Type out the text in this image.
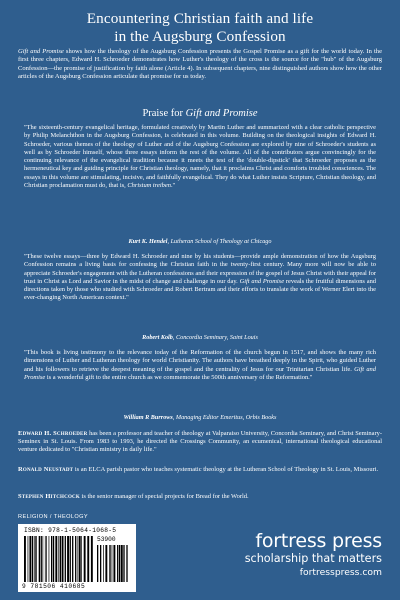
Encountering Christian faith and life
in the Augsburg Confession
Gift and Promise shows how the theology of the Augsburg Confession presents the Gospel Promise as a gift for the world today. In the first three chapters, Edward H. Schroeder demonstrates how Luther's theology of the cross is the source for the "hub" of the Augsburg Confession—the promise of justification by faith alone (Article 4). In subsequent chapters, nine distinguished authors show how the other articles of the Augsburg Confession articulate that promise for us today.
Praise for Gift and Promise
"The sixteenth-century evangelical heritage, formulated creatively by Martin Luther and summarized with a clear catholic perspective by Philip Melanchthon in the Augsburg Confession, is celebrated in this volume. Building on the theological insights of Edward H. Schroeder, various themes of the theology of Luther and of the Augsburg Confession are explored by nine of Schroeder's students as well as by Schroeder himself, whose three essays inform the rest of the volume. All of the contributors argue convincingly for the continuing relevance of the evangelical tradition because it meets the test of the 'double-dipstick' that Schroeder proposes as the hermeneutical key and guiding principle for Christian theology, namely, that it proclaims Christ and comforts troubled consciences. The essays in this volume are stimulating, incisive, and faithfully evangelical. They do what Luther insists Scripture, Christian theology, and Christian proclamation must do, that is, Christum treiben."
Kurt K. Hendel, Lutheran School of Theology at Chicago
"These twelve essays—three by Edward H. Schroeder and nine by his students—provide ample demonstration of how the Augsburg Confession remains a living basis for confessing the Christian faith in the twenty-first century. Many more will now be able to appreciate Schroeder's engagement with the Lutheran confessions and their expression of the gospel of Jesus Christ with their appeal for trust in Christ as Lord and Savior in the midst of change and challenge in our day. Gift and Promise reveals the fruitful dimensions and directions taken by those who studied with Schroeder and Robert Bertram and their efforts to translate the work of Werner Elert into the ever-changing North American context."
Robert Kolb, Concordia Seminary, Saint Louis
"This book is living testimony to the relevance today of the Reformation of the church begun in 1517, and shows the many rich dimensions of Luther and Lutheran theology for world Christianity. The authors have breathed deeply in the Spirit, who guided Luther and his followers to retrieve the deepest meaning of the gospel and the centrality of Jesus for our Trinitarian Christian life. Gift and Promise is a wonderful gift to the entire church as we commemorate the 500th anniversary of the Reformation."
William R Burrows, Managing Editor Emeritus, Orbis Books
Edward H. Schroeder has been a professor and teacher of theology at Valparaiso University, Concordia Seminary, and Christ Seminary-Seminex in St. Louis. From 1983 to 1993, he directed the Crossings Community, an ecumenical, international theological educational venture dedicated to "Christian ministry in daily life."
Ronald Neustadt is an ELCA parish pastor who teaches systematic theology at the Lutheran School of Theology in St. Louis, Missouri.
Stephen Hitchcock is the senior manager of special projects for Bread for the World.
RELIGION / THEOLOGY
ISBN: 978-1-5064-1068-5
53900
9 781506 410685
fortress press
scholarship that matters
fortresspress.com
